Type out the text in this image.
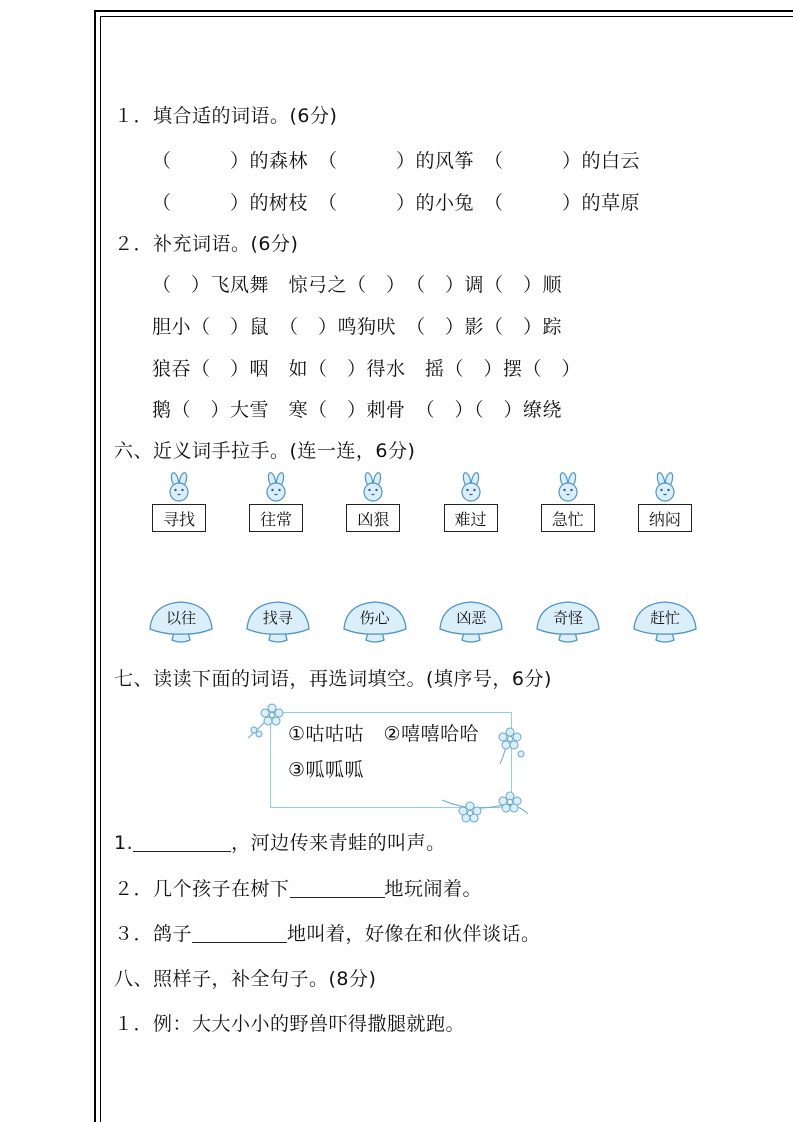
１．填合适的词语。(6分)
（　　　）的森林　（　　　）的风筝　（　　　）的白云
（　　　）的树枝　（　　　）的小兔　（　　　）的草原
２．补充词语。(6分)
（　）飞凤舞　惊弓之（　）　（　）调（　）顺
胆小（　）鼠　（　）鸣狗吠　（　）影（　）踪
狼吞（　）咽　如（　）得水　摇（　）摆（　）
鹅（　）大雪　寒（　）刺骨　（　）（　）缭绕
六、近义词手拉手。(连一连，6分)
寻找	往常	凶狠	难过	急忙	纳闷
以往	找寻	伤心	凶恶	奇怪	赶忙
七、读读下面的词语，再选词填空。(填序号，6分)
①咕咕咕　②嘻嘻哈哈
③呱呱呱
1.	，河边传来青蛙的叫声。
２．几个孩子在树下	地玩闹着。
３．鸽子	地叫着，好像在和伙伴谈话。
八、照样子，补全句子。(8分)
１．例：大大小小的野兽吓得撒腿就跑。
